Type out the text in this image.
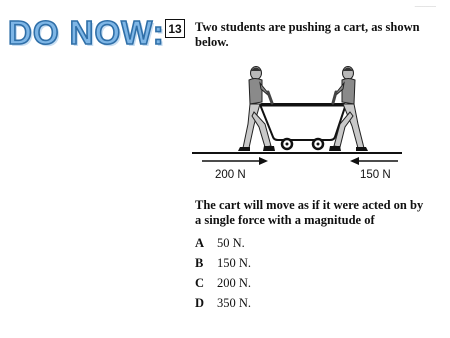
DO NOW:
──────────
13 Two students are pushing a cart, as shown below.

200 N	150 N

The cart will move as if it were acted on by a single force with a magnitude of

A	50 N.
B	150 N.
C	200 N.
D	350 N.
